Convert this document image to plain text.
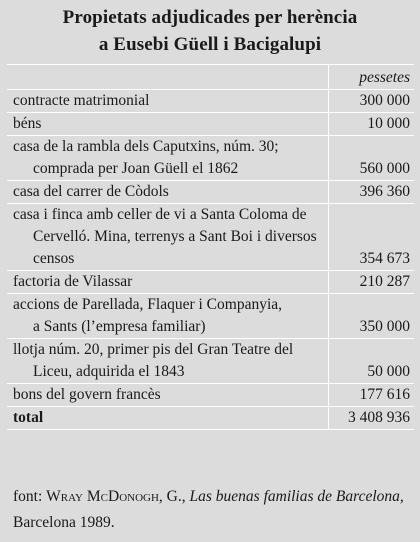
Propietats adjudicades per herència
a Eusebi Güell i Bacigalupi
	pessetes
contracte matrimonial	300 000
béns	10 000

casa de la rambla dels Caputxins, núm. 30;
comprada per Joan Güell el 1862	560 000
casa del carrer de Còdols	396 360

casa i finca amb celler de vi a Santa Coloma de
Cervelló. Mina, terrenys a Sant Boi i diversos
censos	354 673
factoria de Vilassar	210 287

accions de Parellada, Flaquer i Companyia,
a Sants (l’empresa familiar)	350 000

llotja núm. 20, primer pis del Gran Teatre del
Liceu, adquirida el 1843	50 000
bons del govern francès	177 616
total	3 408 936
font: Wray McDonogh, G., Las buenas familias de Barcelona,
Barcelona 1989.
